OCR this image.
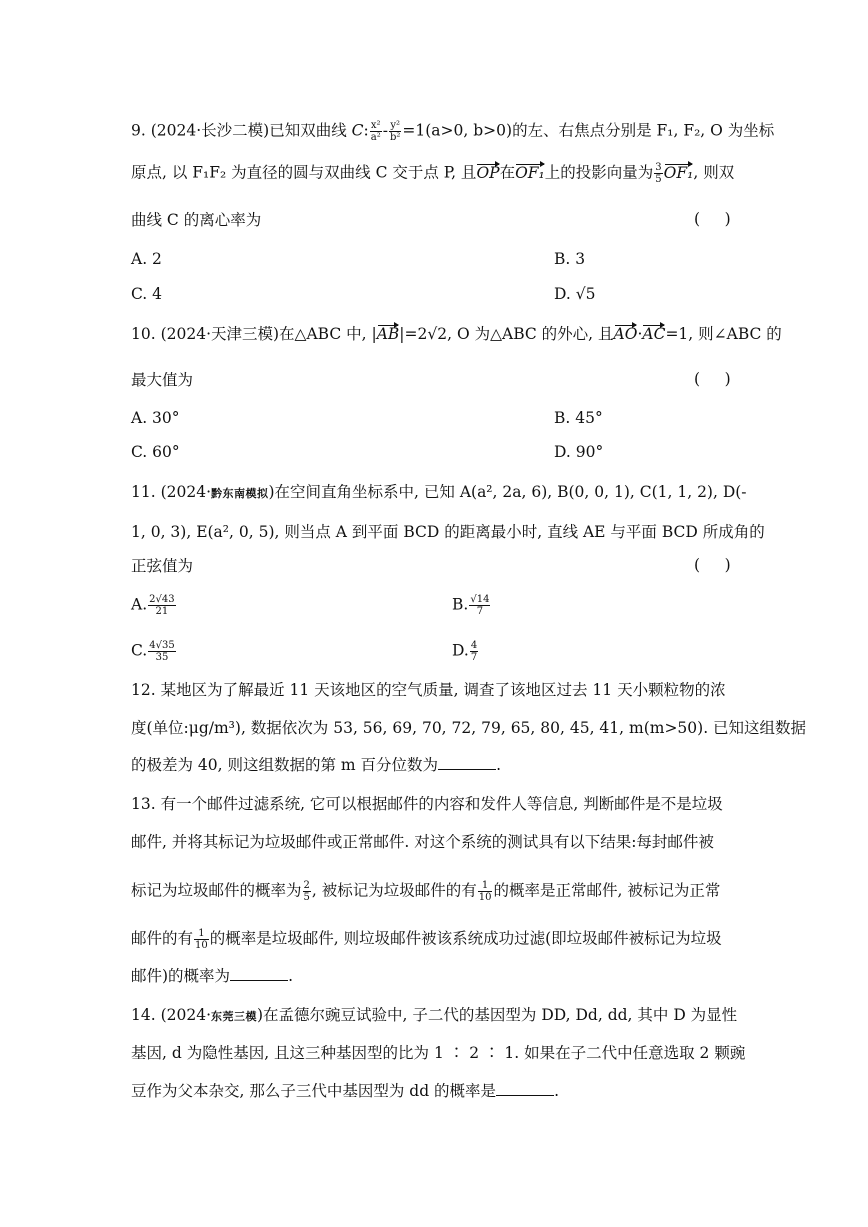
9. (2024·长沙二模)已知双曲线 C: $\frac{\text{x²}}{\text{a²}} - \frac{\text{y²}}{\text{b²}} =1(a>0$, b>0)的左、右焦点分别是 F₁, F₂, O 为坐标
原点, 以 F₁F₂ 为直径的圆与双曲线 C 交于点 P, 且OP在OF₁上的投影向量为 $\frac{3}{5} OF_1$, 则双
曲线 C 的离心率为	(     )
A. 2	B. 3
C. 4	D. √5
10. (2024·天津三模)在△ABC 中, |AB|=2√2, O 为△ABC 的外心, 且AO·AC=1, 则∠ABC 的
最大值为	(     )
A. 30°	B. 45°
C. 60°	D. 90°
11. (2024·黔东南模拟)在空间直角坐标系中, 已知 A(a², 2a, 6), B(0, 0, 1), C(1, 1, 2), D(-
1, 0, 3), E(a², 0, 5), 则当点 A 到平面 BCD 的距离最小时, 直线 AE 与平面 BCD 所成角的
正弦值为	(     )
A. $\frac{2√43}{21}$	B. $\frac{√14}{7}$
C. $\frac{4√35}{35}$	D. $\frac{4}{7}$
12. 某地区为了解最近 11 天该地区的空气质量, 调查了该地区过去 11 天小颗粒物的浓
度(单位:μg/m³), 数据依次为 53, 56, 69, 70, 72, 79, 65, 80, 45, 41, m(m>50). 已知这组数据
的极差为 40, 则这组数据的第 m 百分位数为	.
13. 有一个邮件过滤系统, 它可以根据邮件的内容和发件人等信息, 判断邮件是不是垃圾
邮件, 并将其标记为垃圾邮件或正常邮件. 对这个系统的测试具有以下结果:每封邮件被
标记为垃圾邮件的概率为 $\frac{2}{5}$ , 被标记为垃圾邮件的有 $\frac{1}{10}$ 的概率是正常邮件, 被标记为正常
邮件的有 $\frac{1}{10}$ 的概率是垃圾邮件, 则垃圾邮件被该系统成功过滤(即垃圾邮件被标记为垃圾
邮件)的概率为	.
14. (2024·东莞三模)在孟德尔豌豆试验中, 子二代的基因型为 DD, Dd, dd, 其中 D 为显性
基因, d 为隐性基因, 且这三种基因型的比为 1 ∶ 2 ∶ 1. 如果在子二代中任意选取 2 颗豌
豆作为父本杂交, 那么子三代中基因型为 dd 的概率是	.
